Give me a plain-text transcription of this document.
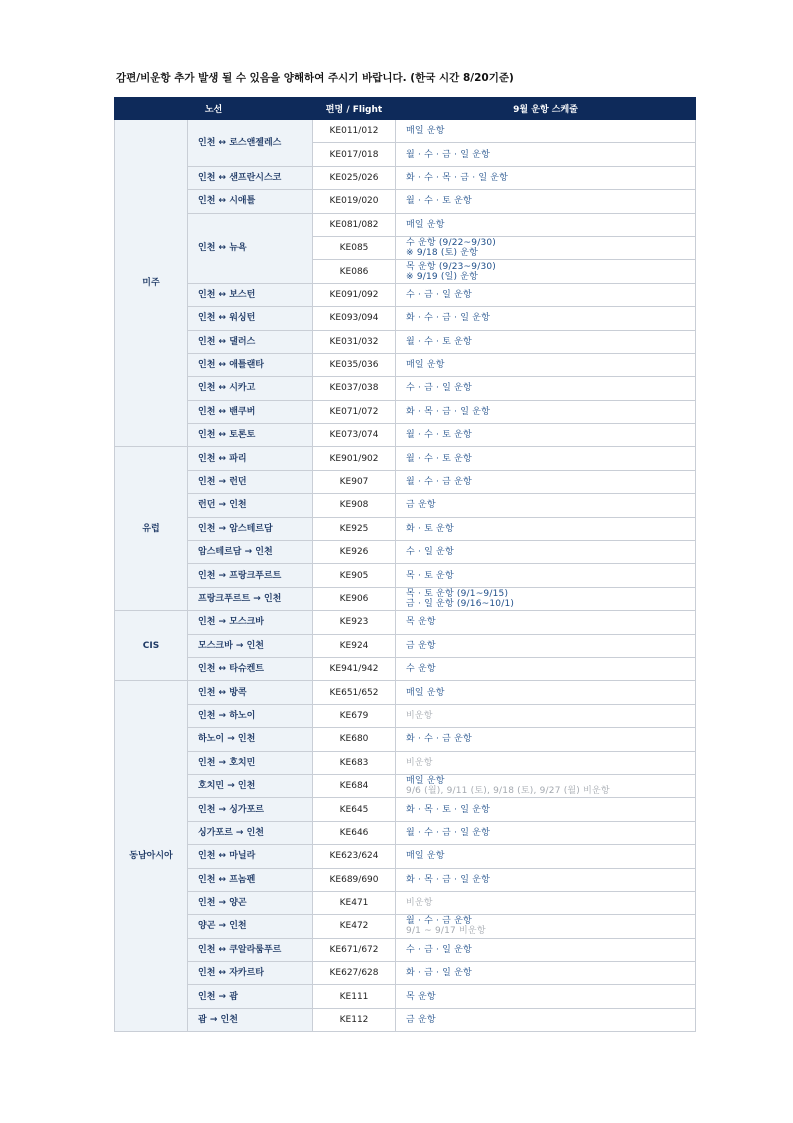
감편/비운항 추가 발생 될 수 있음을 양해하여 주시기 바랍니다. (한국 시간 8/20기준)
노선		편명 / Flight	9월 운항 스케줄
미주	인천 ↔ 로스앤젤레스	KE011/012	매일 운항
		KE017/018	월 · 수 · 금 · 일 운항
	인천 ↔ 샌프란시스코	KE025/026	화 · 수 · 목 · 금 · 일 운항
	인천 ↔ 시애틀	KE019/020	월 · 수 · 토 운항
	인천 ↔ 뉴욕	KE081/082	매일 운항
		KE085	수 운항 (9/22~9/30)
※ 9/18 (토) 운항

		KE086	목 운항 (9/23~9/30)
※ 9/19 (일) 운항

	인천 ↔ 보스턴	KE091/092	수 · 금 · 일 운항
	인천 ↔ 워싱턴	KE093/094	화 · 수 · 금 · 일 운항
	인천 ↔ 댈러스	KE031/032	월 · 수 · 토 운항
	인천 ↔ 애틀랜타	KE035/036	매일 운항
	인천 ↔ 시카고	KE037/038	수 · 금 · 일 운항
	인천 ↔ 밴쿠버	KE071/072	화 · 목 · 금 · 일 운항
	인천 ↔ 토론토	KE073/074	월 · 수 · 토 운항
유럽	인천 ↔ 파리	KE901/902	월 · 수 · 토 운항
	인천 → 런던	KE907	월 · 수 · 금 운항
	런던 → 인천	KE908	금 운항
	인천 → 암스테르담	KE925	화 · 토 운항
	암스테르담 → 인천	KE926	수 · 일 운항
	인천 → 프랑크푸르트	KE905	목 · 토 운항
	프랑크푸르트 → 인천	KE906	목 · 토 운항 (9/1~9/15)
금 · 일 운항 (9/16~10/1)

CIS	인천 → 모스크바	KE923	목 운항
	모스크바 → 인천	KE924	금 운항
	인천 ↔ 타슈켄트	KE941/942	수 운항
동남아시아	인천 ↔ 방콕	KE651/652	매일 운항
	인천 → 하노이	KE679	비운항
	하노이 → 인천	KE680	화 · 수 · 금 운항
	인천 → 호치민	KE683	비운항
	호치민 → 인천	KE684	매일 운항
9/6 (월), 9/11 (토), 9/18 (토), 9/27 (월) 비운항

	인천 → 싱가포르	KE645	화 · 목 · 토 · 일 운항
	싱가포르 → 인천	KE646	월 · 수 · 금 · 일 운항
	인천 ↔ 마닐라	KE623/624	매일 운항
	인천 ↔ 프놈펜	KE689/690	화 · 목 · 금 · 일 운항
	인천 → 양곤	KE471	비운항
	양곤 → 인천	KE472	월 · 수 · 금 운항
9/1 ~ 9/17 비운항

	인천 ↔ 쿠알라룸푸르	KE671/672	수 · 금 · 일 운항
	인천 ↔ 자카르타	KE627/628	화 · 금 · 일 운항
	인천 → 괌	KE111	목 운항
	괌 → 인천	KE112	금 운항
